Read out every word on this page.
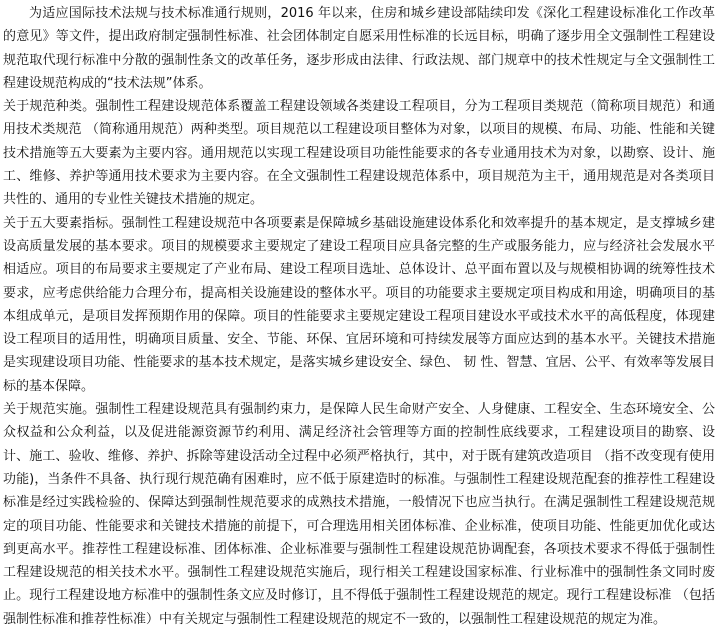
为适应国际技术法规与技术标准通行规则，2016 年以来，住房和城乡建设部陆续印发《深化工程建设标准化工作改革的意见》等文件，提出政府制定强制性标准、社会团体制定自愿采用性标准的长远目标，明确了逐步用全文强制性工程建设规范取代现行标准中分散的强制性条文的改革任务，逐步形成由法律、行政法规、部门规章中的技术性规定与全文强制性工程建设规范构成的“技术法规”体系。

关于规范种类。强制性工程建设规范体系覆盖工程建设领域各类建设工程项目，分为工程项目类规范（简称项目规范）和通用技术类规范 （简称通用规范）两种类型。项目规范以工程建设项目整体为对象，以项目的规模、布局、功能、性能和关键技术措施等五大要素为主要内容。通用规范以实现工程建设项目功能性能要求的各专业通用技术为对象，以勘察、设计、施工、维修、养护等通用技术要求为主要内容。在全文强制性工程建设规范体系中，项目规范为主干，通用规范是对各类项目共性的、通用的专业性关键技术措施的规定。

关于五大要素指标。强制性工程建设规范中各项要素是保障城乡基础设施建设体系化和效率提升的基本规定，是支撑城乡建设高质量发展的基本要求。项目的规模要求主要规定了建设工程项目应具备完整的生产或服务能力，应与经济社会发展水平相适应。项目的布局要求主要规定了产业布局、建设工程项目选址、总体设计、总平面布置以及与规模相协调的统筹性技术要求，应考虑供给能力合理分布，提高相关设施建设的整体水平。项目的功能要求主要规定项目构成和用途，明确项目的基本组成单元，是项目发挥预期作用的保障。项目的性能要求主要规定建设工程项目建设水平或技术水平的高低程度，体现建设工程项目的适用性，明确项目质量、安全、节能、环保、宜居环境和可持续发展等方面应达到的基本水平。关键技术措施是实现建设项目功能、性能要求的基本技术规定，是落实城乡建设安全、绿色、 韧 性、智慧、宜居、公平、有效率等发展目标的基本保障。

关于规范实施。强制性工程建设规范具有强制约束力，是保障人民生命财产安全、人身健康、工程安全、生态环境安全、公众权益和公众利益，以及促进能源资源节约利用、满足经济社会管理等方面的控制性底线要求，工程建设项目的勘察、设计、施工、验收、维修、养护、拆除等建设活动全过程中必须严格执行，其中，对于既有建筑改造项目 （指不改变现有使用功能)，当条件不具备、执行现行规范确有困难时，应不低于原建造时的标准。与强制性工程建设规范配套的推荐性工程建设标准是经过实践检验的、保障达到强制性规范要求的成熟技术措施，一般情况下也应当执行。在满足强制性工程建设规范规定的项目功能、性能要求和关键技术措施的前提下，可合理选用相关团体标准、企业标准，使项目功能、性能更加优化或达到更高水平。推荐性工程建设标准、团体标准、企业标准要与强制性工程建设规范协调配套，各项技术要求不得低于强制性工程建设规范的相关技术水平。强制性工程建设规范实施后，现行相关工程建设国家标准、行业标准中的强制性条文同时废止。现行工程建设地方标准中的强制性条文应及时修订，且不得低于强制性工程建设规范的规定。现行工程建设标准 （包括强制性标准和推荐性标准）中有关规定与强制性工程建设规范的规定不一致的，以强制性工程建设规范的规定为准。
